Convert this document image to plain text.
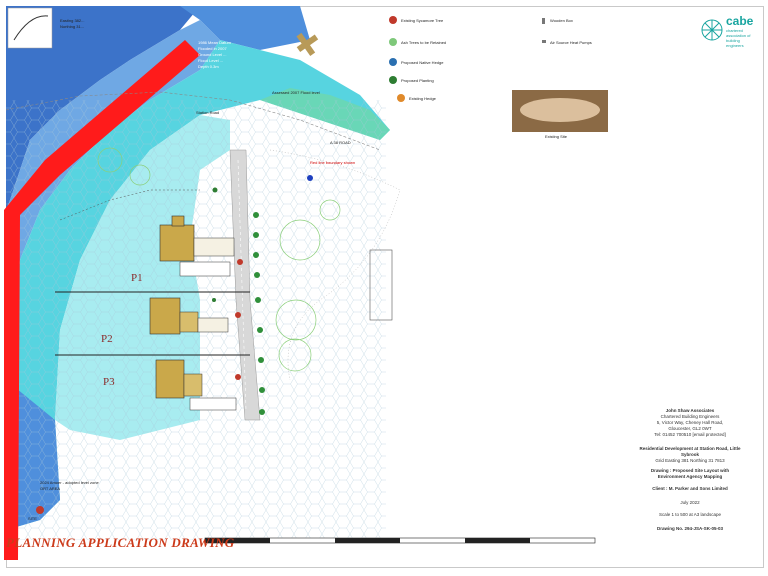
Easting 382...
Northing 31...
1986 Mean Datum
Flooded in 2007
Ground Level ...
Flood Level ...
Depth 0.3m
Assessed 2007 Flood level
Station Road
A 38 ROAD
Red line boundary shown
P1
P2
P3
2024 Amoer - adopted level zone
ORT AREA
SITE
PLANNING APPLICATION DRAWING
Existing Sycamore Tree
Ash Trees to be Retained
Proposed Native Hedge
Proposed Planting
Existing Hedge
Wooden Box
Air Source Heat Pumps
Existing Site
cabe
chartered
association of
building
engineers
John Shaw Associates
Chartered Building Engineers
5, Victor Way, Cheney Hall Road,
Gloucester, GL2 0WT
Tel: 01452 700510 [email protected]
Residential Development at Station Road, Little
Sybrook
Grid Easting 381 Northing 31 7813
Drawing : Proposed Site Layout with
Environment Agency Mapping
Client : M. Parker and Sons Limited
July 2022
Scale 1 to 500 at A3 landscape
Drawing No. 294-JSA-SK-05-03
